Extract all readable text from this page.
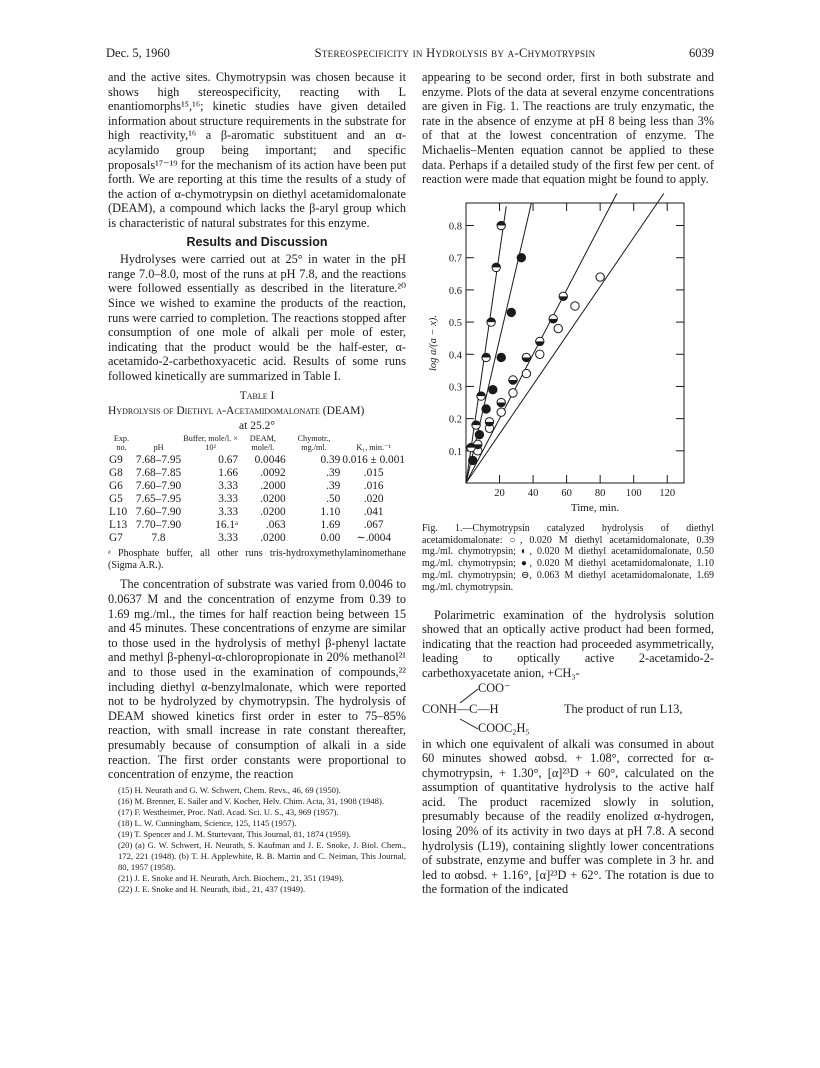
Dec. 5, 1960	Stereospecificity in Hydrolysis by α-Chymotrypsin	6039

and the active sites. Chymotrypsin was chosen because it shows high stereospecificity, reacting with L enantiomorphs¹⁵,¹⁶; kinetic studies have given detailed information about structure requirements in the substrate for high reactivity,¹⁶ a β-aromatic substituent and an α-acylamido group being important; and specific proposals¹⁷⁻¹⁹ for the mechanism of its action have been put forth. We are reporting at this time the results of a study of the action of α-chymotrypsin on diethyl acetamidomalonate (DEAM), a compound which lacks the β-aryl group which is characteristic of natural substrates for this enzyme.

Results and Discussion

Hydrolyses were carried out at 25° in water in the pH range 7.0–8.0, most of the runs at pH 7.8, and the reactions were followed essentially as described in the literature.²⁰ Since we wished to examine the products of the reaction, runs were carried to completion. The reactions stopped after consumption of one mole of alkali per mole of ester, indicating that the product would be the half-ester, α-acetamido-2-carbethoxyacetic acid. Results of some runs followed kinetically are summarized in Table I.

Table I
Hydrolysis of Diethyl α-Acetamidomalonate (DEAM)
at 25.2°
Exp. no.	pH	Buffer, mole/l. × 10²	DEAM, mole/l.	Chymotr., mg./ml.	K₁, min.⁻¹
G9	7.68–7.95	0.67	0.0046	0.39	0.016 ± 0.001
G8	7.68–7.85	1.66	.0092	.39	.015
G6	7.60–7.90	3.33	.2000	.39	.016
G5	7.65–7.95	3.33	.0200	.50	.020
L10	7.60–7.90	3.33	.0200	1.10	.041
L13	7.70–7.90	16.1ᵃ	.063	1.69	.067
G7	7.8	3.33	.0200	0.00	∼.0004
ᵃ Phosphate buffer, all other runs tris-hydroxymethylaminomethane (Sigma A.R.).

The concentration of substrate was varied from 0.0046 to 0.0637 M and the concentration of enzyme from 0.39 to 1.69 mg./ml., the times for half reaction being between 15 and 45 minutes. These concentrations of enzyme are similar to those used in the hydrolysis of methyl β-phenyl lactate and methyl β-phenyl-α-chloropropionate in 20% methanol²¹ and to those used in the examination of compounds,²² including diethyl α-benzylmalonate, which were reported not to be hydrolyzed by chymotrypsin. The hydrolysis of DEAM showed kinetics first order in ester to 75–85% reaction, with small increase in rate constant thereafter, presumably because of consumption of alkali in a side reaction. The first order constants were proportional to concentration of enzyme, the reaction

(15) H. Neurath and G. W. Schwert, Chem. Revs., 46, 69 (1950).
(16) M. Brenner, E. Sailer and V. Kocher, Helv. Chim. Acta, 31, 1908 (1948).
(17) F. Westheimer, Proc. Natl. Acad. Sci. U. S., 43, 969 (1957).
(18) L. W. Cunningham, Science, 125, 1145 (1957).
(19) T. Spencer and J. M. Sturtevant, This Journal, 81, 1874 (1959).
(20) (a) G. W. Schwert, H. Neurath, S. Kaufman and J. E. Snoke, J. Biol. Chem., 172, 221 (1948). (b) T. H. Applewhite, R. B. Martin and C. Neiman, This Journal, 80, 1957 (1958).
(21) J. E. Snoke and H. Neurath, Arch. Biochem., 21, 351 (1949).
(22) J. E. Snoke and H. Neurath, ibid., 21, 437 (1949).

appearing to be second order, first in both substrate and enzyme. Plots of the data at several enzyme concentrations are given in Fig. 1. The reactions are truly enzymatic, the rate in the absence of enzyme at pH 8 being less than 3% of that at the lowest concentration of enzyme. The Michaelis–Menten equation cannot be applied to these data. Perhaps if a detailed study of the first few per cent. of reaction were made that equation might be found to apply.

20 40 60 80 100 120
0.1
0.2
0.3
0.4
0.5
0.6
0.7
0.8
Time, min.
log a/(a − x).
Fig. 1.—Chymotrypsin catalyzed hydrolysis of diethyl acetamidomalonate: ○, 0.020 M diethyl acetamidomalonate, 0.39 mg./ml. chymotrypsin; ◐, 0.020 M diethyl acetamidomalonate, 0.50 mg./ml. chymotrypsin; ●, 0.020 M diethyl acetamidomalonate, 1.10 mg./ml. chymotrypsin; ⊖, 0.063 M diethyl acetamidomalonate, 1.69 mg./ml. chymotrypsin.

Polarimetric examination of the hydrolysis solution showed that an optically active product had been formed, indicating that the reaction had proceeded asymmetrically, leading to optically active 2-acetamido-2-carbethoxyacetate anion, +CH₃-

COO⁻
CONH—C—H
COOC₂H₅
The product of run L13,

in which one equivalent of alkali was consumed in about 60 minutes showed αobsd. + 1.08°, corrected for α-chymotrypsin, + 1.30°, [α]²³D + 60°, calculated on the assumption of quantitative hydrolysis to the active half acid. The product racemized slowly in solution, presumably because of the readily enolized α-hydrogen, losing 20% of its activity in two days at pH 7.8. A second hydrolysis (L19), containing slightly lower concentrations of substrate, enzyme and buffer was complete in 3 hr. and led to αobsd. + 1.16°, [α]²³D + 62°. The rotation is due to the formation of the indicated
